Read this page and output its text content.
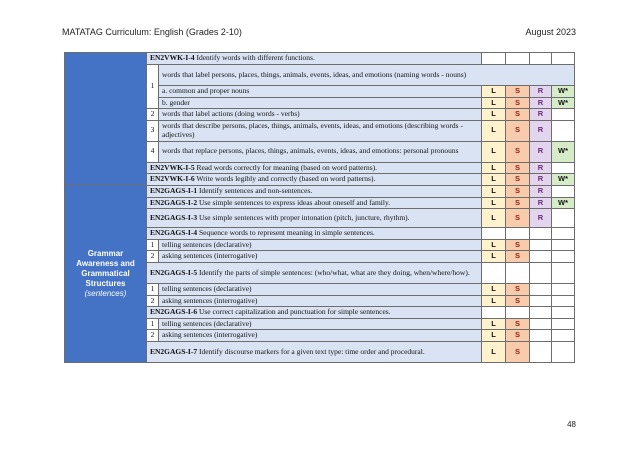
MATATAG Curriculum: English (Grades 2-10)	August 2023
	EN2VWK-I-4 Identify words with different functions.					
	1	words that label persons, places, things, animals, events, ideas, and emotions (naming words - nouns)				
		a. common and proper nouns	L	S	R	W*
		b. gender	L	S	R	W*
	2	words that label actions (doing words - verbs)	L	S	R	
	3	words that describe persons, places, things, animals, events, ideas, and emotions (describing words - adjectives)	L	S	R	
	4	words that replace persons, places, things, animals, events, ideas, and emotions: personal pronouns	L	S	R	W*
	EN2VWK-I-5 Read words correctly for meaning (based on word patterns).		L	S	R	
	EN2VWK-I-6 Write words legibly and correctly (based on word patterns).		L	S	R	W*

Grammar Awareness and Grammatical Structures
(sentences)	EN2GAGS-I-1 Identify sentences and non-sentences.		L	S	R	
	EN2GAGS-I-2 Use simple sentences to express ideas about oneself and family.		L	S	R	W*
	EN2GAGS-I-3 Use simple sentences with proper intonation (pitch, juncture, rhythm).		L	S	R	
	EN2GAGS-I-4 Sequence words to represent meaning in simple sentences.					
	1	telling sentences (declarative)	L	S		
	2	asking sentences (interrogative)	L	S		
	EN2GAGS-I-5 Identify the parts of simple sentences: (who/what, what are they doing, when/where/how).					
	1	telling sentences (declarative)	L	S		
	2	asking sentences (interrogative)	L	S		
	EN2GAGS-I-6 Use correct capitalization and punctuation for simple sentences.					
	1	telling sentences (declarative)	L	S		
	2	asking sentences (interrogative)	L	S		
	EN2GAGS-I-7 Identify discourse markers for a given text type: time order and procedural.		L	S		
48
